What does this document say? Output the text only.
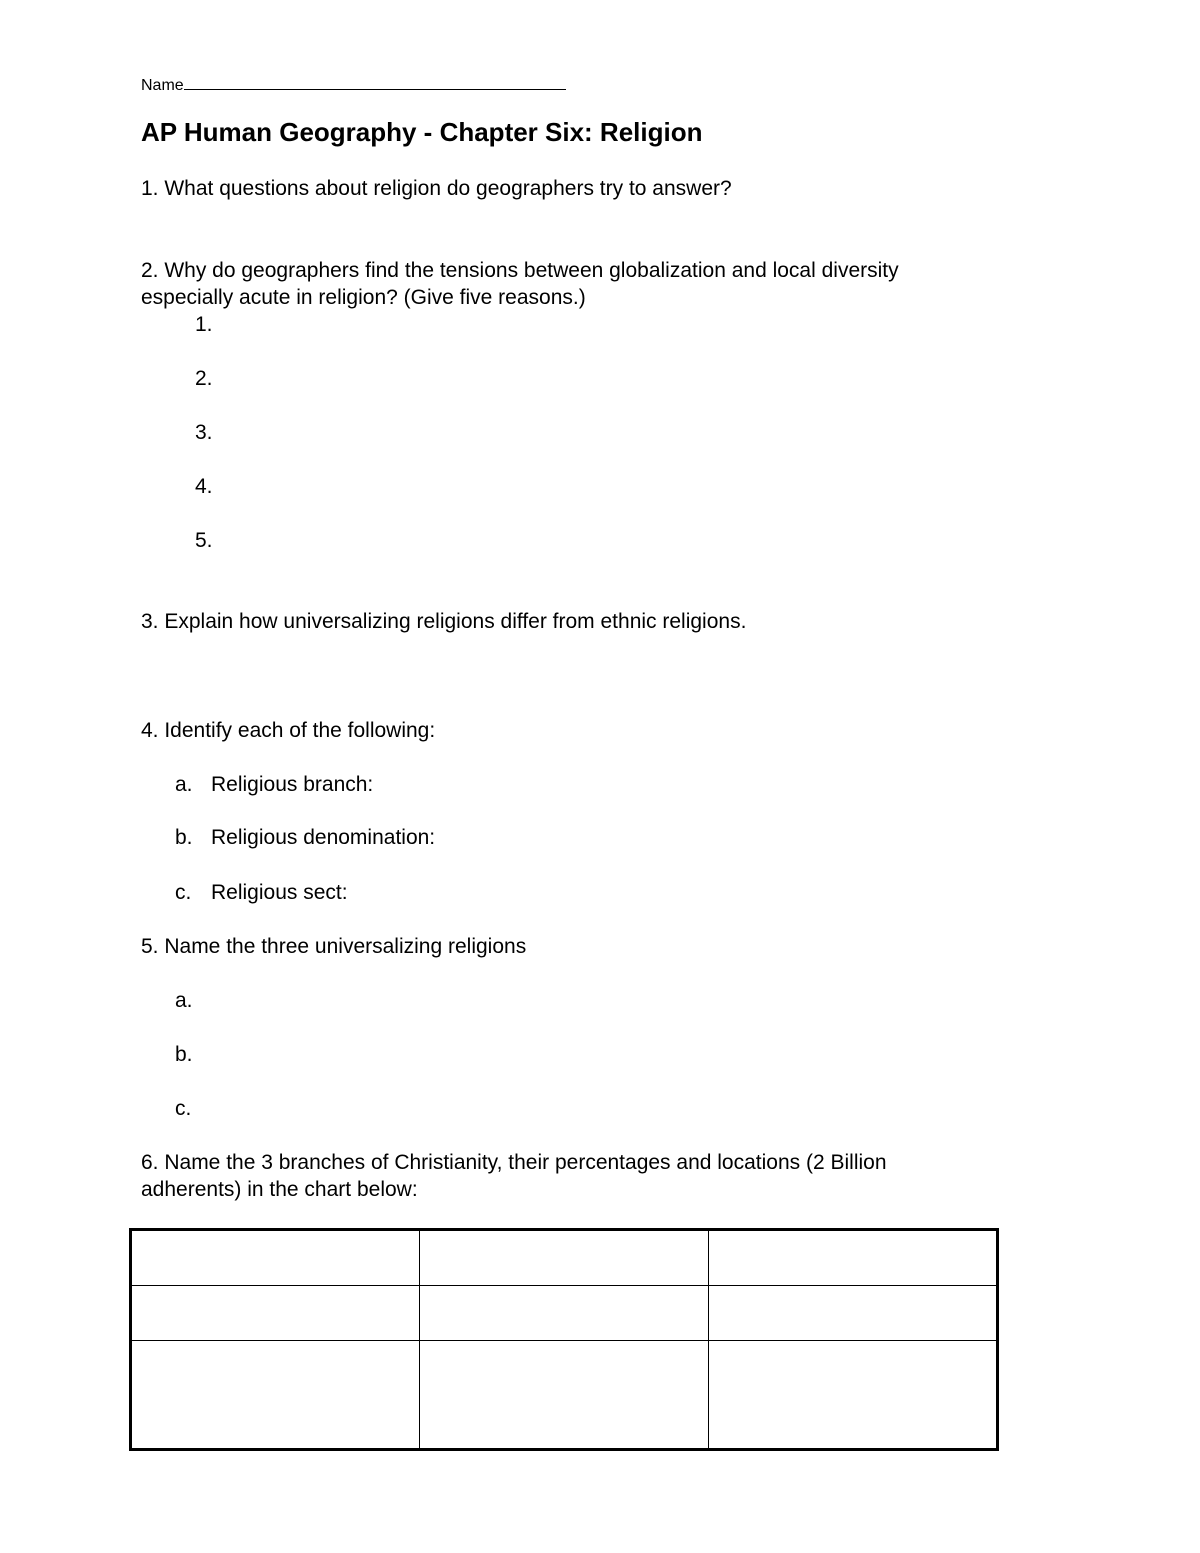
Name
AP Human Geography - Chapter Six: Religion
1. What questions about religion do geographers try to answer?
2. Why do geographers find the tensions between globalization and local diversity
especially acute in religion? (Give five reasons.)
1.
2.
3.
4.
5.
3. Explain how universalizing religions differ from ethnic religions.
4. Identify each of the following:
a. Religious branch:
b. Religious denomination:
c. Religious sect:
5. Name the three universalizing religions
a.
b.
c.
6. Name the 3 branches of Christianity, their percentages and locations (2 Billion
adherents) in the chart below:
